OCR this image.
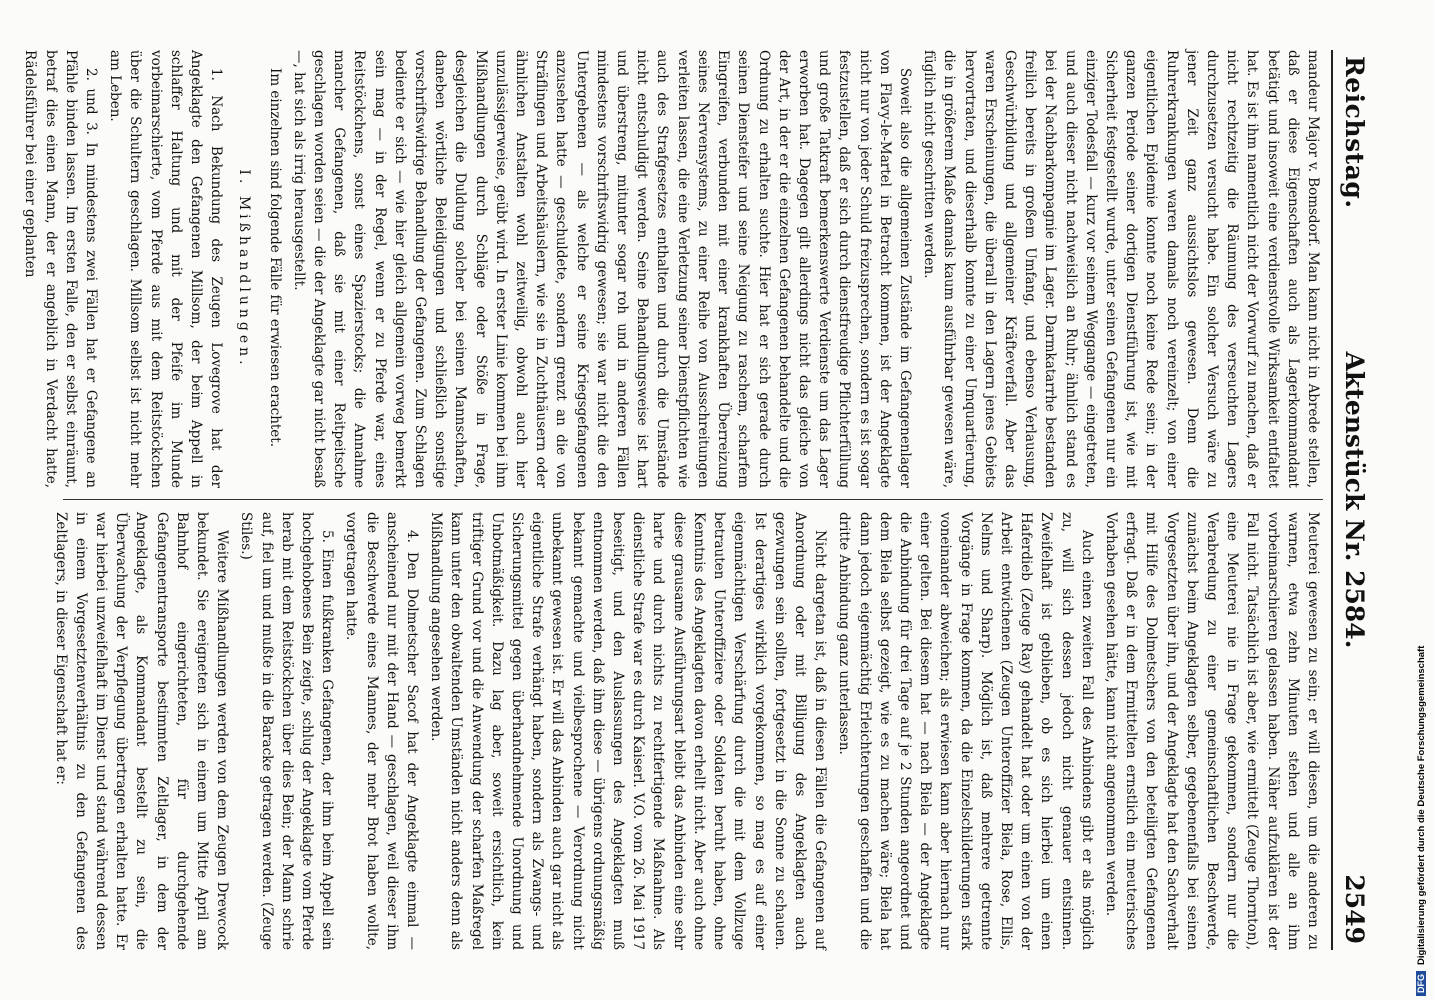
Reichstag.
Aktenstück Nr. 2584.
2549

mandeur Major v. Bomsdorf. Man kann nicht in Abrede stellen, daß er diese Eigenschaften auch als Lagerkommandant betätigt und insoweit eine verdienstvolle Wirksamkeit entfaltet hat. Es ist ihm namentlich nicht der Vorwurf zu machen, daß er nicht rechtzeitig die Räumung des verseuchten Lagers durchzusetzen versucht habe. Ein solcher Versuch wäre zu jener Zeit ganz aussichtslos gewesen. Denn die Ruhrerkrankungen waren damals noch vereinzelt; von einer eigentlichen Epidemie konnte noch keine Rede sein; in der ganzen Periode seiner dortigen Dienstführung ist, wie mit Sicherheit festgestellt wurde, unter seinen Gefangenen nur ein einziger Todesfall — kurz vor seinem Weggange — eingetreten, und auch dieser nicht nachweislich an Ruhr; ähnlich stand es bei der Nachbarkompagnie im Lager. Darmkatarrhe bestanden freilich bereits in großem Umfang, und ebenso Verlausung, Geschwürbildung und allgemeiner Kräfteverfall. Aber das waren Erscheinungen, die überall in den Lagern jenes Gebiets hervortraten, und dieserhalb konnte zu einer Umquartierung, die in größerem Maße damals kaum ausführbar gewesen wäre, füglich nicht geschritten werden.

Soweit also die allgemeinen Zustände im Gefangenenlager von Flavy-le-Martel in Betracht kommen, ist der Angeklagte nicht nur von jeder Schuld freizusprechen, sondern es ist sogar festzustellen, daß er sich durch dienstfreudige Pflichterfüllung und große Tatkraft bemerkenswerte Verdienste um das Lager erworben hat. Dagegen gilt allerdings nicht das gleiche von der Art, in der er die einzelnen Gefangenen behandelte und die Ordnung zu erhalten suchte. Hier hat er sich gerade durch seinen Diensteifer und seine Neigung zu raschem, scharfem Eingreifen, verbunden mit einer krankhaften Überreizung seines Nervensystems, zu einer Reihe von Ausschreitungen verleiten lassen, die eine Verletzung seiner Dienstpflichten wie auch des Strafgesetzes enthalten und durch die Umstände nicht entschuldigt werden. Seine Behandlungsweise ist hart und überstreng, mitunter sogar roh und in anderen Fällen mindestens vorschriftswidrig gewesen; sie war nicht die den Untergebenen — als welche er seine Kriegsgefangenen anzusehen hatte — geschuldete, sondern grenzt an die von Sträflingen und Arbeitshäuslern, wie sie in Zuchthäusern oder ähnlichen Anstalten wohl zeitweilig, obwohl auch hier unzulässigerweise, geübt wird. In erster Linie kommen bei ihm Mißhandlungen durch Schläge oder Stöße in Frage, desgleichen die Duldung solcher bei seinen Mannschaften, daneben wörtliche Beleidigungen und schließlich sonstige vorschriftswidrige Behandlung der Gefangenen. Zum Schlagen bediente er sich — wie hier gleich allgemein vorweg bemerkt sein mag — in der Regel, wenn er zu Pferde war, eines Reitstöckchens, sonst eines Spazierstocks; die Annahme mancher Gefangenen, daß sie mit einer Reitpeitsche geschlagen worden seien — die der Angeklagte gar nicht besaß —, hat sich als irrig herausgestellt.

Im einzelnen sind folgende Fälle für erwiesen erachtet.

I. Mißhandlungen.

1. Nach Bekundung des Zeugen Lovegrove hat der Angeklagte den Gefangenen Millsom, der beim Appell in schlaffer Haltung und mit der Pfeife im Munde vorbeimarschierte, vom Pferde aus mit dem Reitstöckchen über die Schultern geschlagen. Millsom selbst ist nicht mehr am Leben.

2. und 3. In mindestens zwei Fällen hat er Gefangene an Pfähle binden lassen. Im ersten Falle, den er selbst einräumt, betraf dies einen Mann, der er angeblich in Verdacht hatte, Rädelsführer bei einer geplanten

Meuterei gewesen zu sein; er will diesen, um die anderen zu warnen, etwa zehn Minuten stehen und alle an ihm vorbeimarschieren gelassen haben. Näher aufzuklären ist der Fall nicht. Tatsächlich ist aber, wie ermittelt (Zeuge Thornton), eine Meuterei nie in Frage gekommen, sondern nur die Verabredung zu einer gemeinschaftlichen Beschwerde, zunächst beim Angeklagten selber, gegebenenfalls bei seinen Vorgesetzten über ihn, und der Angeklagte hat den Sachverhalt mit Hilfe des Dolmetschers von den beteiligten Gefangenen erfragt. Daß er in dem Ermittelten ernstlich ein meuterisches Vorhaben gesehen hätte, kann nicht angenommen werden.

Auch einen zweiten Fall des Anbindens gibt er als möglich zu, will sich dessen jedoch nicht genauer entsinnen. Zweifelhaft ist geblieben, ob es sich hierbei um einen Haferdieb (Zeuge Ray) gehandelt hat oder um einen von der Arbeit entwichenen (Zeugen Unteroffizier Biela, Rose, Ellis, Nelms und Sharp). Möglich ist, daß mehrere getrennte Vorgänge in Frage kommen, da die Einzelschilderungen stark voneinander abweichen; als erwiesen kann aber hiernach nur einer gelten. Bei diesem hat — nach Biela — der Angeklagte die Anbindung für drei Tage auf je 2 Stunden angeordnet und dem Biela selbst gezeigt, wie es zu machen wäre; Biela hat dann jedoch eigenmächtig Erleichterungen geschaffen und die dritte Anbindung ganz unterlassen.

Nicht dargetan ist, daß in diesen Fällen die Gefangenen auf Anordnung oder mit Billigung des Angeklagten auch gezwungen sein sollten, fortgesetzt in die Sonne zu schauen. Ist derartiges wirklich vorgekommen, so mag es auf einer eigenmächtigen Verschärfung durch die mit dem Vollzuge betrauten Unteroffiziere oder Soldaten beruht haben, ohne Kenntnis des Angeklagten davon erhellt nicht. Aber auch ohne diese grausame Ausführungsart bleibt das Anbinden eine sehr harte und durch nichts zu rechtfertigende Maßnahme. Als dienstliche Strafe war es durch Kaiserl. V.O. vom 26. Mai 1917 beseitigt, und den Auslassungen des Angeklagten muß entnommen werden, daß ihm diese — übrigens ordnungsmäßig bekannt gemachte und vielbesprochene — Verordnung nicht unbekannt gewesen ist. Er will das Anbinden auch gar nicht als eigentliche Strafe verhängt haben, sondern als Zwangs- und Sicherungsmittel gegen überhandnehmende Unordnung und Unbotmäßigkeit. Dazu lag aber, soweit ersichtlich, kein triftiger Grund vor und die Anwendung der scharfen Maßregel kann unter den obwaltenden Umständen nicht anders denn als Mißhandlung angesehen werden.

4. Den Dolmetscher Sacof hat der Angeklagte einmal — anscheinend nur mit der Hand — geschlagen, weil dieser ihm die Beschwerde eines Mannes, der mehr Brot haben wollte, vorgetragen hatte.

5. Einen fußkranken Gefangenen, der ihm beim Appell sein hochgehobenes Bein zeigte, schlug der Angeklagte vom Pferde herab mit dem Reitstöckchen über dies Bein; der Mann schrie auf, fiel um und mußte in die Baracke getragen werden. (Zeuge Stiles.)

Weitere Mißhandlungen werden von dem Zeugen Drewcock bekundet. Sie ereigneten sich in einem um Mitte April am Bahnhof eingerichteten, für durchgehende Gefangenentransporte bestimmten Zeltlager, in dem der Angeklagte, als Kommandant bestellt zu sein, die Überwachung der Verpflegung übertragen erhalten hatte. Er war hierbei unzweifelhaft im Dienst und stand während dessen in einem Vorgesetztenverhältnis zu den Gefangenen des Zeltlagers, in dieser Eigenschaft hat er:

DFGDigitalisierung gefördert durch die Deutsche Forschungsgemeinschaft
